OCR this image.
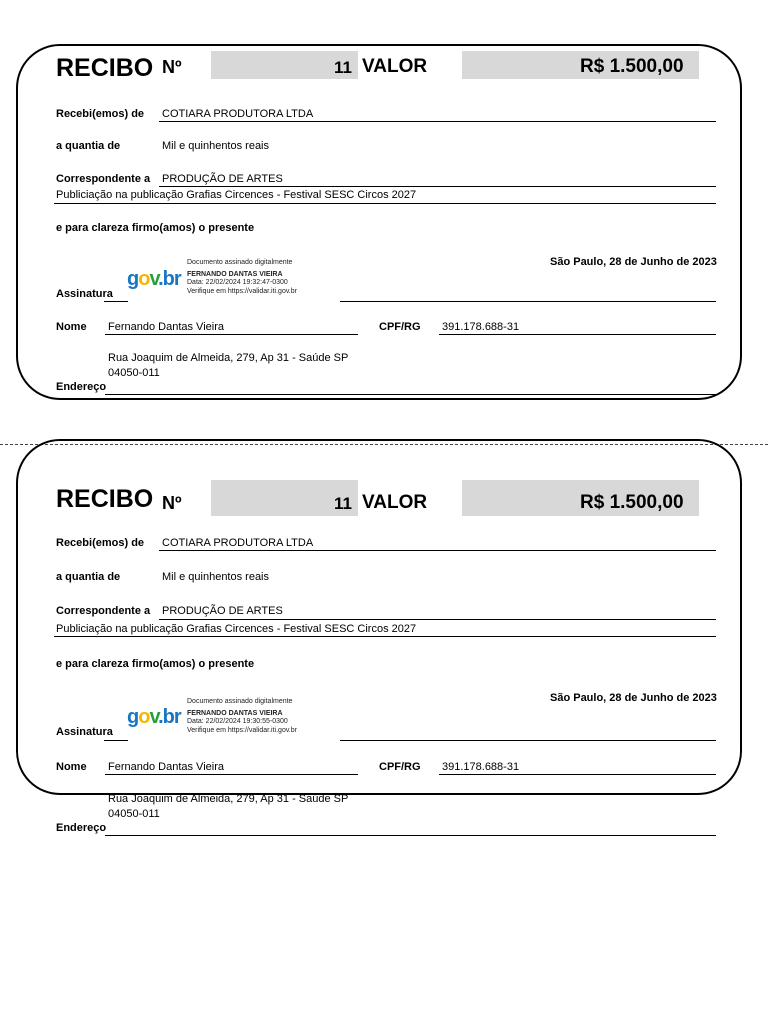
RECIBO Nº	11 VALOR	R$ 1.500,00
Recebi(emos) de COTIARA PRODUTORA LTDA
a quantia de	Mil e quinhentos reais
Correspondente a PRODUÇÃO DE ARTES
Publiciação na publicação Grafias Circences - Festival SESC Circos 2027
e para clareza firmo(amos) o presente
São Paulo, 28 de Junho de 2023
gov.br
Documento assinado digitalmente
FERNANDO DANTAS VIEIRA
Data: 22/02/2024 19:32:47-0300
Verifique em https://validar.iti.gov.br
Assinatura
Nome Fernando Dantas Vieira	CPF/RG 391.178.688-31
Rua Joaquim de Almeida, 279, Ap 31 - Saúde SP
04050-011
Endereço
RECIBO Nº	11 VALOR	R$ 1.500,00
Recebi(emos) de COTIARA PRODUTORA LTDA
a quantia de	Mil e quinhentos reais
Correspondente a PRODUÇÃO DE ARTES
Publiciação na publicação Grafias Circences - Festival SESC Circos 2027
e para clareza firmo(amos) o presente
São Paulo, 28 de Junho de 2023
gov.br
Documento assinado digitalmente
FERNANDO DANTAS VIEIRA
Data: 22/02/2024 19:30:55-0300
Verifique em https://validar.iti.gov.br
Assinatura
Nome Fernando Dantas Vieira	CPF/RG 391.178.688-31
Rua Joaquim de Almeida, 279, Ap 31 - Saúde SP
04050-011
Endereço
